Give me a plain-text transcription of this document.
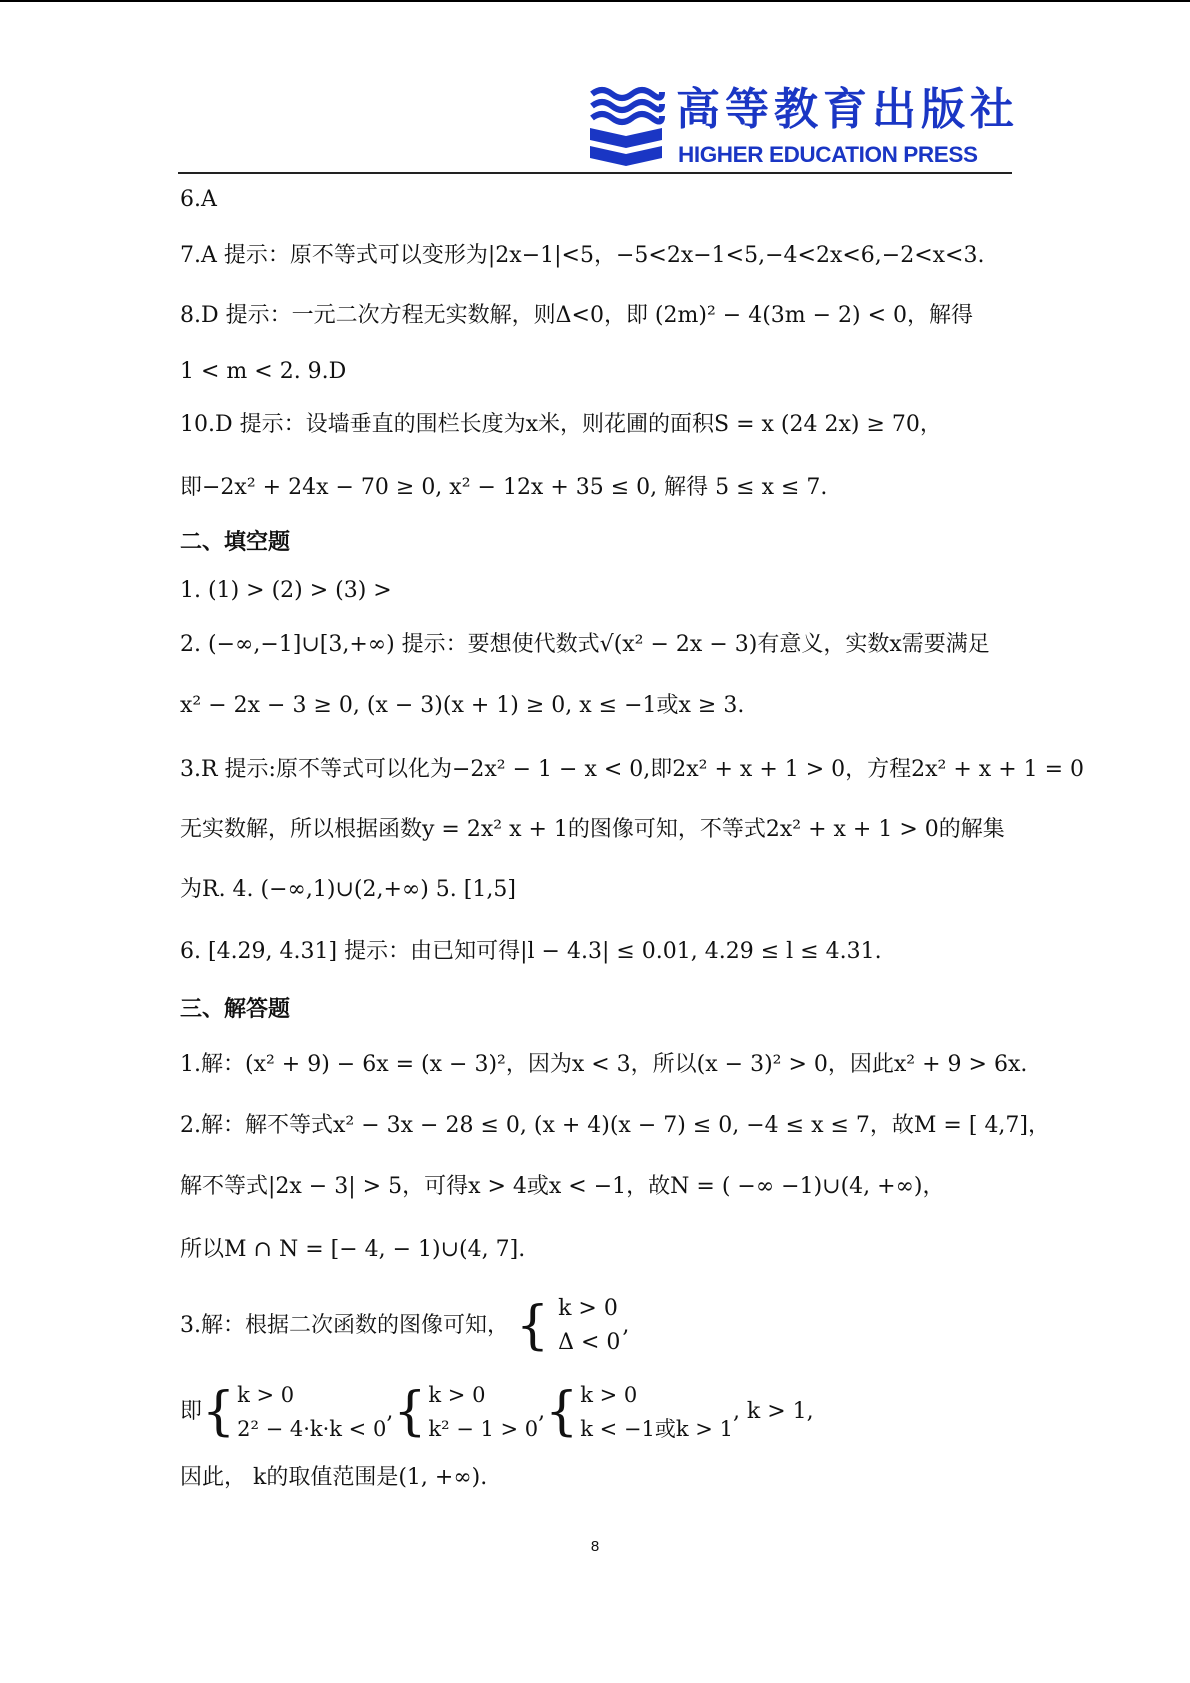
高等教育出版社
HIGHER EDUCATION PRESS
6.A
7.A 提示：原不等式可以变形为|2x−1|<5，−5<2x−1<5,−4<2x<6,−2<x<3.
8.D 提示：一元二次方程无实数解，则Δ<0，即 (2m)² − 4(3m − 2) < 0，解得
1 < m < 2. 9.D
10.D 提示：设墙垂直的围栏长度为x米，则花圃的面积S = x (24 2x) ≥ 70，
即−2x² + 24x − 70 ≥ 0, x² − 12x + 35 ≤ 0, 解得 5 ≤ x ≤ 7.
二、填空题
1. (1) > (2) > (3) >
2. (−∞,−1]∪[3,+∞) 提示：要想使代数式√(x² − 2x − 3)有意义，实数x需要满足
x² − 2x − 3 ≥ 0, (x − 3)(x + 1) ≥ 0, x ≤ −1或x ≥ 3.
3.R 提示:原不等式可以化为−2x² − 1 − x < 0,即2x² + x + 1 > 0，方程2x² + x + 1 = 0
无实数解，所以根据函数y = 2x² x + 1的图像可知，不等式2x² + x + 1 > 0的解集
为R. 4. (−∞,1)∪(2,+∞) 5. [1,5]
6. [4.29, 4.31] 提示：由已知可得|l − 4.3| ≤ 0.01, 4.29 ≤ l ≤ 4.31.
三、解答题
1.解：(x² + 9) − 6x = (x − 3)²，因为x < 3，所以(x − 3)² > 0，因此x² + 9 > 6x.
2.解：解不等式x² − 3x − 28 ≤ 0, (x + 4)(x − 7) ≤ 0, −4 ≤ x ≤ 7，故M = [ 4,7]，
解不等式|2x − 3| > 5，可得x > 4或x < −1，故N = ( −∞ −1)∪(4, +∞)，
所以M ∩ N = [− 4, − 1)∪(4, 7].
3.解：根据二次函数的图像可知， { k > 0
Δ < 0
,
即{ k > 0
2² − 4·k·k < 0
,{ k > 0
k² − 1 > 0
,{ k > 0
k < −1或k > 1
, k > 1,
因此， k的取值范围是(1, +∞).
8
